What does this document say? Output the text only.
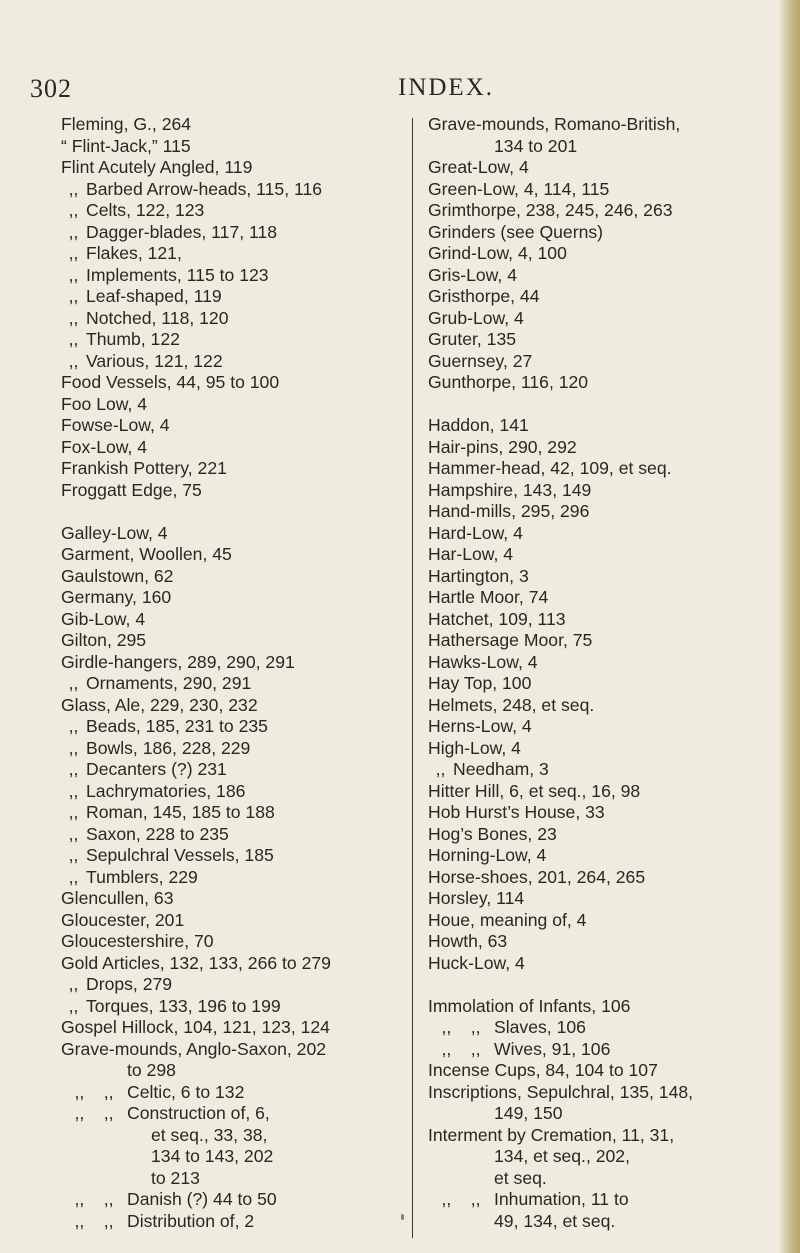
302	INDEX.
Fleming, G., 264
“ Flint-Jack,” 115
Flint Acutely Angled, 119
,, Barbed Arrow-heads, 115, 116
,, Celts, 122, 123
,, Dagger-blades, 117, 118
,, Flakes, 121,
,, Implements, 115 to 123
,, Leaf-shaped, 119
,, Notched, 118, 120
,, Thumb, 122
,, Various, 121, 122
Food Vessels, 44, 95 to 100
Foo Low, 4
Fowse-Low, 4
Fox-Low, 4
Frankish Pottery, 221
Froggatt Edge, 75
Galley-Low, 4
Garment, Woollen, 45
Gaulstown, 62
Germany, 160
Gib-Low, 4
Gilton, 295
Girdle-hangers, 289, 290, 291
,, Ornaments, 290, 291
Glass, Ale, 229, 230, 232
,, Beads, 185, 231 to 235
,, Bowls, 186, 228, 229
,, Decanters (?) 231
,, Lachrymatories, 186
,, Roman, 145, 185 to 188
,, Saxon, 228 to 235
,, Sepulchral Vessels, 185
,, Tumblers, 229
Glencullen, 63
Gloucester, 201
Gloucestershire, 70
Gold Articles, 132, 133, 266 to 279
,, Drops, 279
,, Torques, 133, 196 to 199
Gospel Hillock, 104, 121, 123, 124
Grave-mounds, Anglo-Saxon, 202
to 298
,,    ,, Celtic, 6 to 132
,,    ,, Construction of, 6,
et seq., 33, 38,
134 to 143, 202
to 213
,,    ,, Danish (?) 44 to 50
,,    ,, Distribution of, 2
Grave-mounds, Romano-British,
134 to 201
Great-Low, 4
Green-Low, 4, 114, 115
Grimthorpe, 238, 245, 246, 263
Grinders (see Querns)
Grind-Low, 4, 100
Gris-Low, 4
Gristhorpe, 44
Grub-Low, 4
Gruter, 135
Guernsey, 27
Gunthorpe, 116, 120
Haddon, 141
Hair-pins, 290, 292
Hammer-head, 42, 109, et seq.
Hampshire, 143, 149
Hand-mills, 295, 296
Hard-Low, 4
Har-Low, 4
Hartington, 3
Hartle Moor, 74
Hatchet, 109, 113
Hathersage Moor, 75
Hawks-Low, 4
Hay Top, 100
Helmets, 248, et seq.
Herns-Low, 4
High-Low, 4
,, Needham, 3
Hitter Hill, 6, et seq., 16, 98
Hob Hurst’s House, 33
Hog’s Bones, 23
Horning-Low, 4
Horse-shoes, 201, 264, 265
Horsley, 114
Houe, meaning of, 4
Howth, 63
Huck-Low, 4
Immolation of Infants, 106
,,    ,, Slaves, 106
,,    ,, Wives, 91, 106
Incense Cups, 84, 104 to 107
Inscriptions, Sepulchral, 135, 148,
149, 150
Interment by Cremation, 11, 31,
134, et seq., 202,
et seq.
,,    ,, Inhumation, 11 to
49, 134, et seq.
